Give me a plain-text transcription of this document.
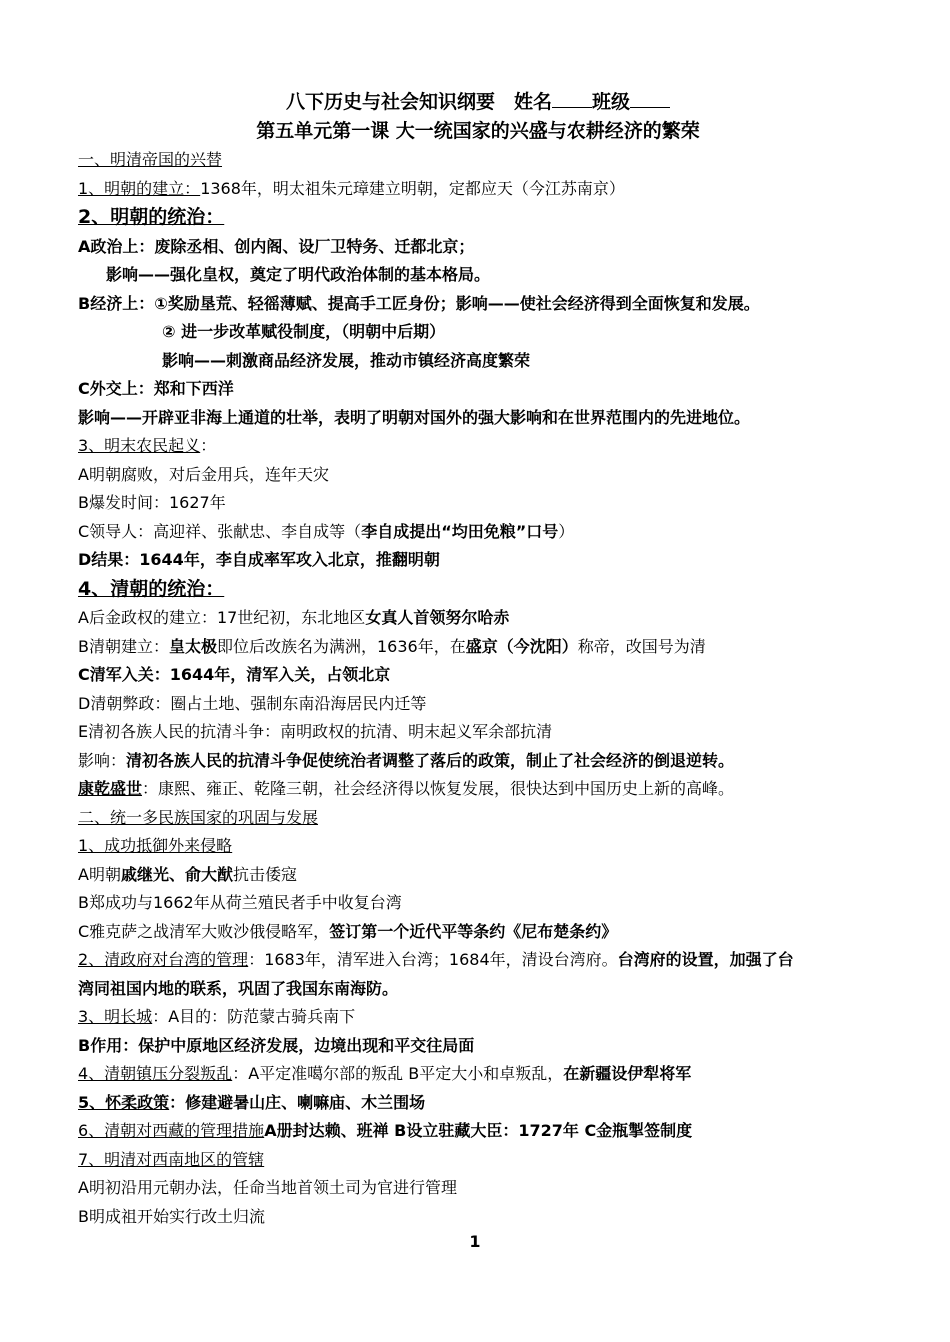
八下历史与社会知识纲要　姓名 班级
第五单元第一课 大一统国家的兴盛与农耕经济的繁荣
一、明清帝国的兴替
1、明朝的建立：1368年，明太祖朱元璋建立明朝，定都应天（今江苏南京）
2、明朝的统治：
A政治上：废除丞相、创内阁、设厂卫特务、迁都北京；
影响——强化皇权，奠定了明代政治体制的基本格局。
B经济上：①奖励垦荒、轻徭薄赋、提高手工匠身份；影响——使社会经济得到全面恢复和发展。
② 进一步改革赋役制度，（明朝中后期）
影响——刺激商品经济发展，推动市镇经济高度繁荣
C外交上：郑和下西洋
影响——开辟亚非海上通道的壮举，表明了明朝对国外的强大影响和在世界范围内的先进地位。
3、明末农民起义：
A明朝腐败，对后金用兵，连年天灾
B爆发时间：1627年
C领导人：高迎祥、张献忠、李自成等（李自成提出“均田免粮”口号）
D结果：1644年，李自成率军攻入北京，推翻明朝
4、清朝的统治：
A后金政权的建立：17世纪初，东北地区女真人首领努尔哈赤
B清朝建立：皇太极即位后改族名为满洲，1636年，在盛京（今沈阳）称帝，改国号为清
C清军入关：1644年，清军入关，占领北京
D清朝弊政：圈占土地、强制东南沿海居民内迁等
E清初各族人民的抗清斗争：南明政权的抗清、明末起义军余部抗清
影响：清初各族人民的抗清斗争促使统治者调整了落后的政策，制止了社会经济的倒退逆转。
康乾盛世：康熙、雍正、乾隆三朝，社会经济得以恢复发展，很快达到中国历史上新的高峰。
二、统一多民族国家的巩固与发展
1、成功抵御外来侵略
A明朝戚继光、俞大猷抗击倭寇
B郑成功与1662年从荷兰殖民者手中收复台湾
C雅克萨之战清军大败沙俄侵略军，签订第一个近代平等条约《尼布楚条约》
2、清政府对台湾的管理：1683年，清军进入台湾；1684年，清设台湾府。台湾府的设置，加强了台
湾同祖国内地的联系，巩固了我国东南海防。
3、明长城：A目的：防范蒙古骑兵南下
B作用：保护中原地区经济发展，边境出现和平交往局面
4、清朝镇压分裂叛乱：A平定准噶尔部的叛乱 B平定大小和卓叛乱，在新疆设伊犁将军
5、怀柔政策：修建避暑山庄、喇嘛庙、木兰围场
6、清朝对西藏的管理措施A册封达赖、班禅 B设立驻藏大臣：1727年 C金瓶掣签制度
7、明清对西南地区的管辖
A明初沿用元朝办法，任命当地首领土司为官进行管理
B明成祖开始实行改土归流
1
